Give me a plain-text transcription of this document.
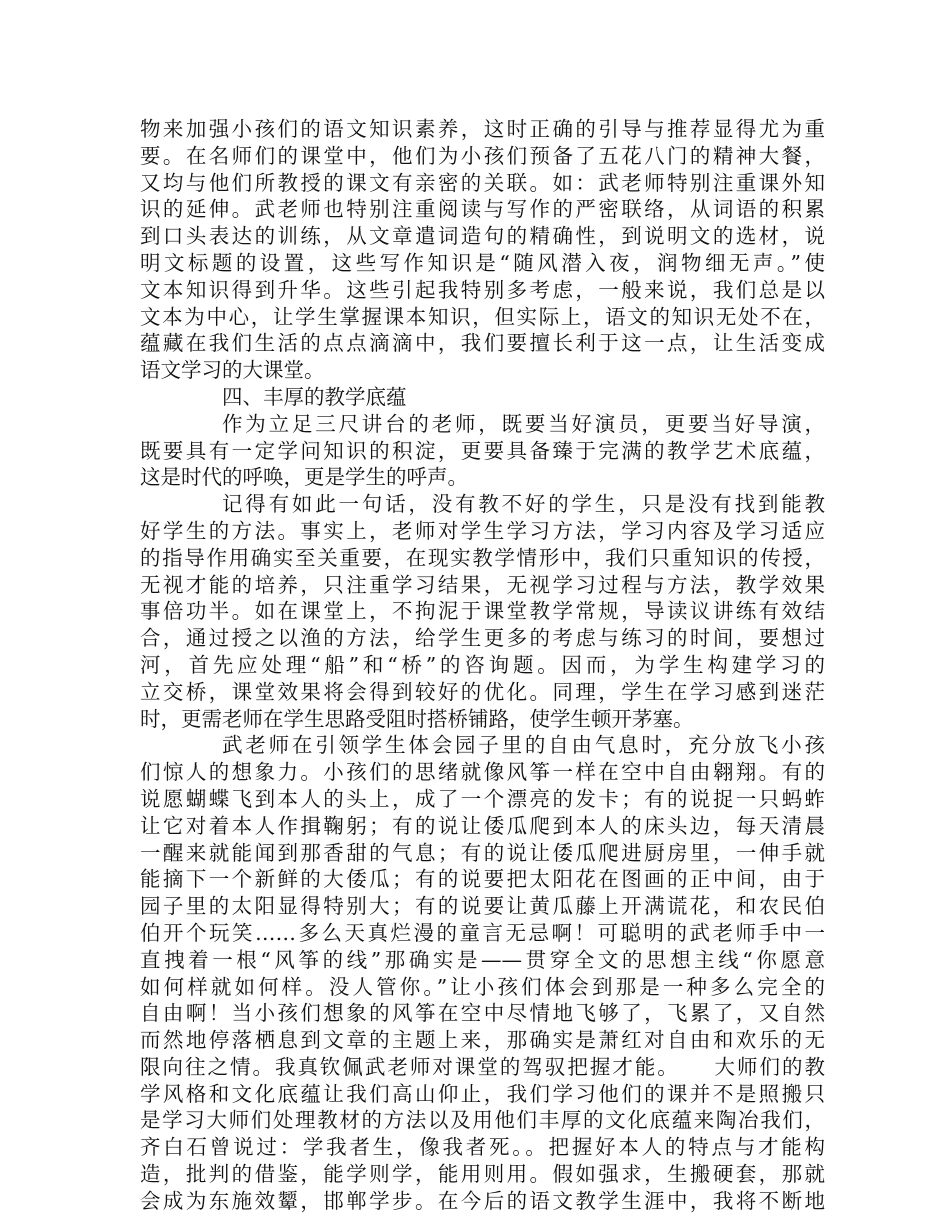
物来加强小孩们的语文知识素养，这时正确的引导与推荐显得尤为重
要。在名师们的课堂中，他们为小孩们预备了五花八门的精神大餐，
又均与他们所教授的课文有亲密的关联。如：武老师特别注重课外知
识的延伸。武老师也特别注重阅读与写作的严密联络，从词语的积累
到口头表达的训练，从文章遣词造句的精确性，到说明文的选材，说
明文标题的设置，这些写作知识是“随风潜入夜，润物细无声。”使
文本知识得到升华。这些引起我特别多考虑，一般来说，我们总是以
文本为中心，让学生掌握课本知识，但实际上，语文的知识无处不在，
蕴藏在我们生活的点点滴滴中，我们要擅长利于这一点，让生活变成
语文学习的大课堂。
四、丰厚的教学底蕴
作为立足三尺讲台的老师，既要当好演员，更要当好导演，
既要具有一定学问知识的积淀，更要具备臻于完满的教学艺术底蕴，
这是时代的呼唤，更是学生的呼声。
记得有如此一句话，没有教不好的学生，只是没有找到能教
好学生的方法。事实上，老师对学生学习方法，学习内容及学习适应
的指导作用确实至关重要，在现实教学情形中，我们只重知识的传授，
无视才能的培养，只注重学习结果，无视学习过程与方法，教学效果
事倍功半。如在课堂上，不拘泥于课堂教学常规，导读议讲练有效结
合，通过授之以渔的方法，给学生更多的考虑与练习的时间，要想过
河，首先应处理“船”和“桥”的咨询题。因而，为学生构建学习的
立交桥，课堂效果将会得到较好的优化。同理，学生在学习感到迷茫
时，更需老师在学生思路受阻时搭桥铺路，使学生顿开茅塞。
武老师在引领学生体会园子里的自由气息时，充分放飞小孩
们惊人的想象力。小孩们的思绪就像风筝一样在空中自由翱翔。有的
说愿蝴蝶飞到本人的头上，成了一个漂亮的发卡；有的说捉一只蚂蚱
让它对着本人作揖鞠躬；有的说让倭瓜爬到本人的床头边，每天清晨
一醒来就能闻到那香甜的气息；有的说让倭瓜爬进厨房里，一伸手就
能摘下一个新鲜的大倭瓜；有的说要把太阳花在图画的正中间，由于
园子里的太阳显得特别大；有的说要让黄瓜藤上开满谎花，和农民伯
伯开个玩笑……多么天真烂漫的童言无忌啊！可聪明的武老师手中一
直拽着一根“风筝的线”那确实是——贯穿全文的思想主线“你愿意
如何样就如何样。没人管你。”让小孩们体会到那是一种多么完全的
自由啊！当小孩们想象的风筝在空中尽情地飞够了，飞累了，又自然
而然地停落栖息到文章的主题上来，那确实是萧红对自由和欢乐的无
限向往之情。我真钦佩武老师对课堂的驾驭把握才能。　　大师们的教
学风格和文化底蕴让我们高山仰止，我们学习他们的课并不是照搬只
是学习大师们处理教材的方法以及用他们丰厚的文化底蕴来陶冶我们，
齐白石曾说过：学我者生，像我者死。。把握好本人的特点与才能构
造，批判的借鉴，能学则学，能用则用。假如强求，生搬硬套，那就
会成为东施效颦，邯郸学步。在今后的语文教学生涯中，我将不断地
